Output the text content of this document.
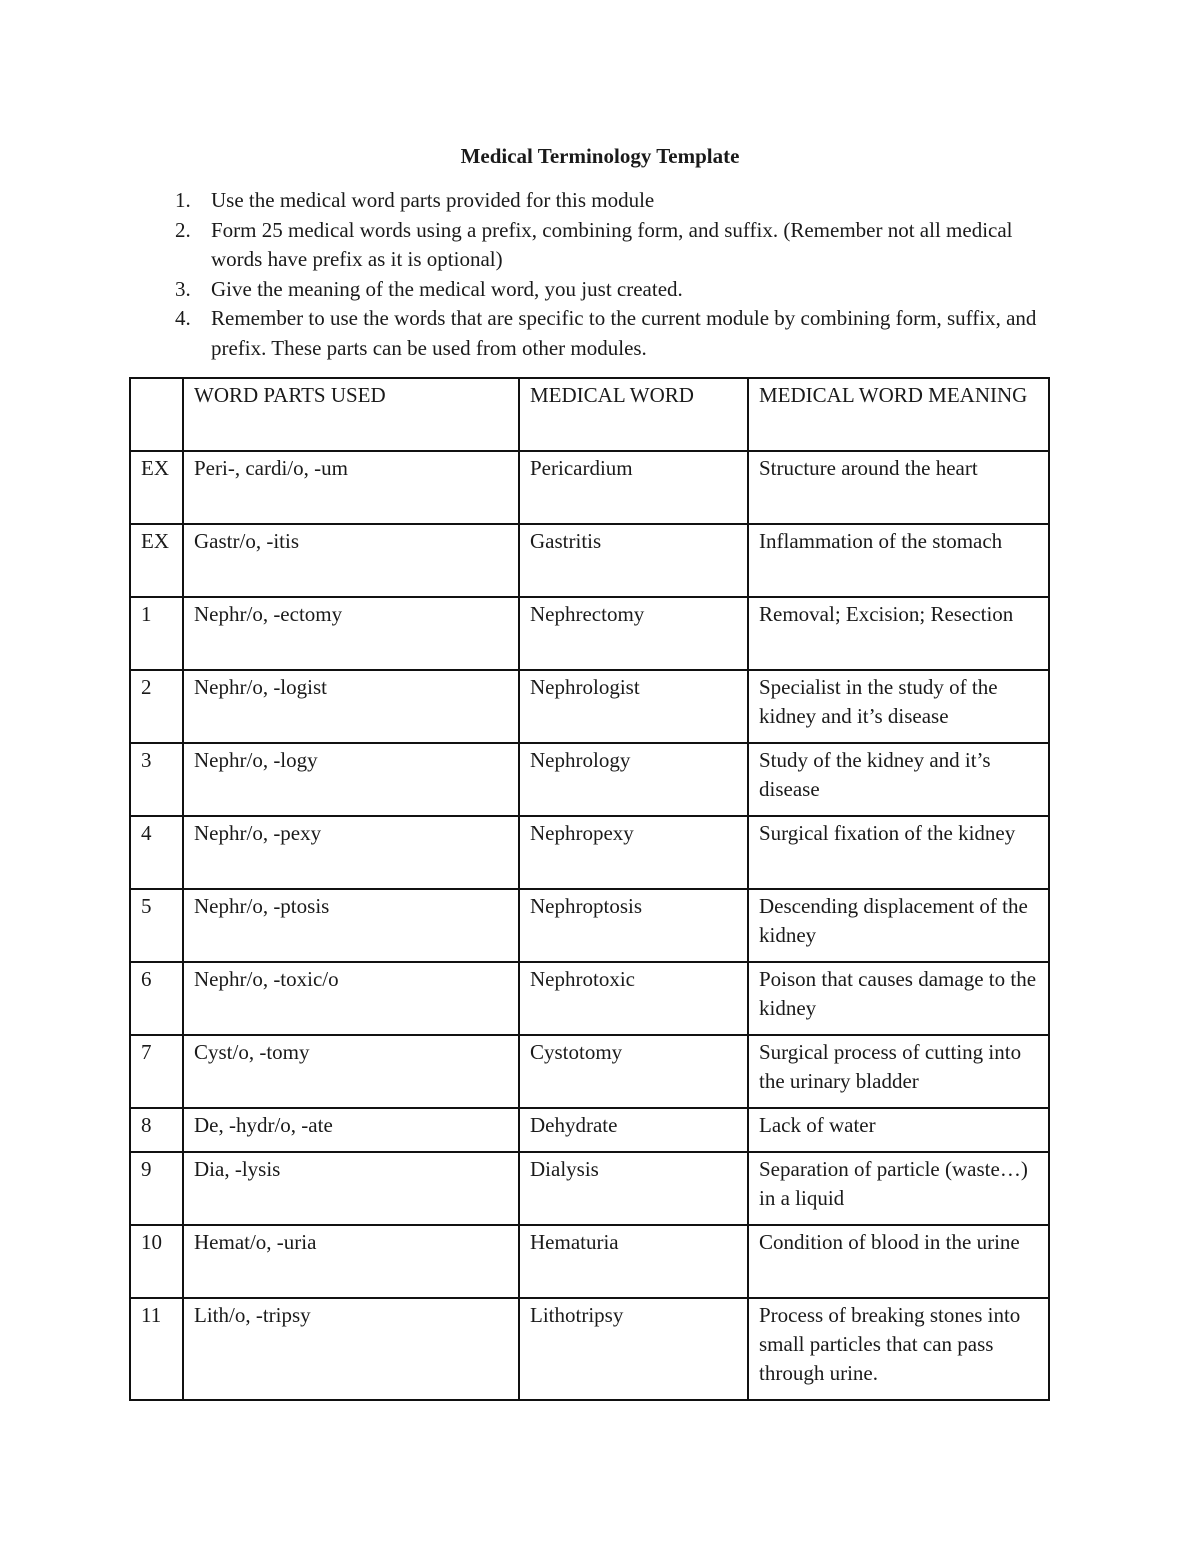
Medical Terminology Template
1. Use the medical word parts provided for this module
2. Form 25 medical words using a prefix, combining form, and suffix. (Remember not all medical words have prefix as it is optional)
3. Give the meaning of the medical word, you just created.
4. Remember to use the words that are specific to the current module by combining form, suffix, and prefix. These parts can be used from other modules.
	WORD PARTS USED	MEDICAL WORD	MEDICAL WORD MEANING
EX	Peri-, cardi/o, -um	Pericardium	Structure around the heart
EX	Gastr/o, -itis	Gastritis	Inflammation of the stomach
1	Nephr/o, -ectomy	Nephrectomy	Removal; Excision; Resection
2	Nephr/o, -logist	Nephrologist	Specialist in the study of the kidney and it’s disease
3	Nephr/o, -logy	Nephrology	Study of the kidney and it’s disease
4	Nephr/o, -pexy	Nephropexy	Surgical fixation of the kidney
5	Nephr/o, -ptosis	Nephroptosis	Descending displacement of the kidney
6	Nephr/o, -toxic/o	Nephrotoxic	Poison that causes damage to the kidney
7	Cyst/o, -tomy	Cystotomy	Surgical process of cutting into the urinary bladder
8	De, -hydr/o, -ate	Dehydrate	Lack of water
9	Dia, -lysis	Dialysis	Separation of particle (waste…) in a liquid
10	Hemat/o, -uria	Hematuria	Condition of blood in the urine
11	Lith/o, -tripsy	Lithotripsy	Process of breaking stones into small particles that can pass through urine.
